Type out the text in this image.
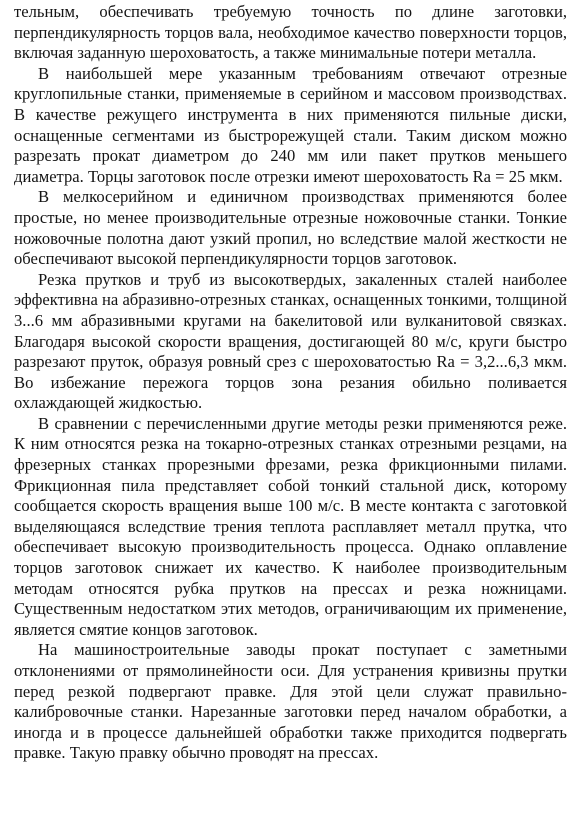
тельным, обеспечивать требуемую точность по длине заготовки, перпендикулярность торцов вала, необходимое качество поверхности торцов, включая заданную шероховатость, а также минимальные потери металла.

В наибольшей мере указанным требованиям отвечают отрезные круглопильные станки, применяемые в серийном и массовом производствах. В качестве режущего инструмента в них применяются пильные диски, оснащенные сегментами из быстрорежущей стали. Таким диском можно разрезать прокат диаметром до 240 мм или пакет прутков меньшего диаметра. Торцы заготовок после отрезки имеют шероховатость Ra = 25 мкм.

В мелкосерийном и единичном производствах применяются более простые, но менее производительные отрезные ножовочные станки. Тонкие ножовочные полотна дают узкий пропил, но вследствие малой жесткости не обеспечивают высокой перпендикулярности торцов заготовок.

Резка прутков и труб из высокотвердых, закаленных сталей наиболее эффективна на абразивно-отрезных станках, оснащенных тонкими, толщиной 3...6 мм абразивными кругами на бакелитовой или вулканитовой связках. Благодаря высокой скорости вращения, достигающей 80 м/с, круги быстро разрезают пруток, образуя ровный срез с шероховатостью Ra = 3,2...6,3 мкм. Во избежание пережога торцов зона резания обильно поливается охлаждающей жидкостью.

В сравнении с перечисленными другие методы резки применяются реже. К ним относятся резка на токарно-отрезных станках отрезными резцами, на фрезерных станках прорезными фрезами, резка фрикционными пилами. Фрикционная пила представляет собой тонкий стальной диск, которому сообщается скорость вращения выше 100 м/с. В месте контакта с заготовкой выделяющаяся вследствие трения теплота расплавляет металл прутка, что обеспечивает высокую производительность процесса. Однако оплавление торцов заготовок снижает их качество. К наиболее производительным методам относятся рубка прутков на прессах и резка ножницами. Существенным недостатком этих методов, ограничивающим их применение, является смятие концов заготовок.

На машиностроительные заводы прокат поступает с заметными отклонениями от прямолинейности оси. Для устранения кривизны прутки перед резкой подвергают правке. Для этой цели служат правильно-калибровочные станки. Нарезанные заготовки перед началом обработки, а иногда и в процессе дальнейшей обработки также приходится подвергать правке. Такую правку обычно проводят на прессах.
